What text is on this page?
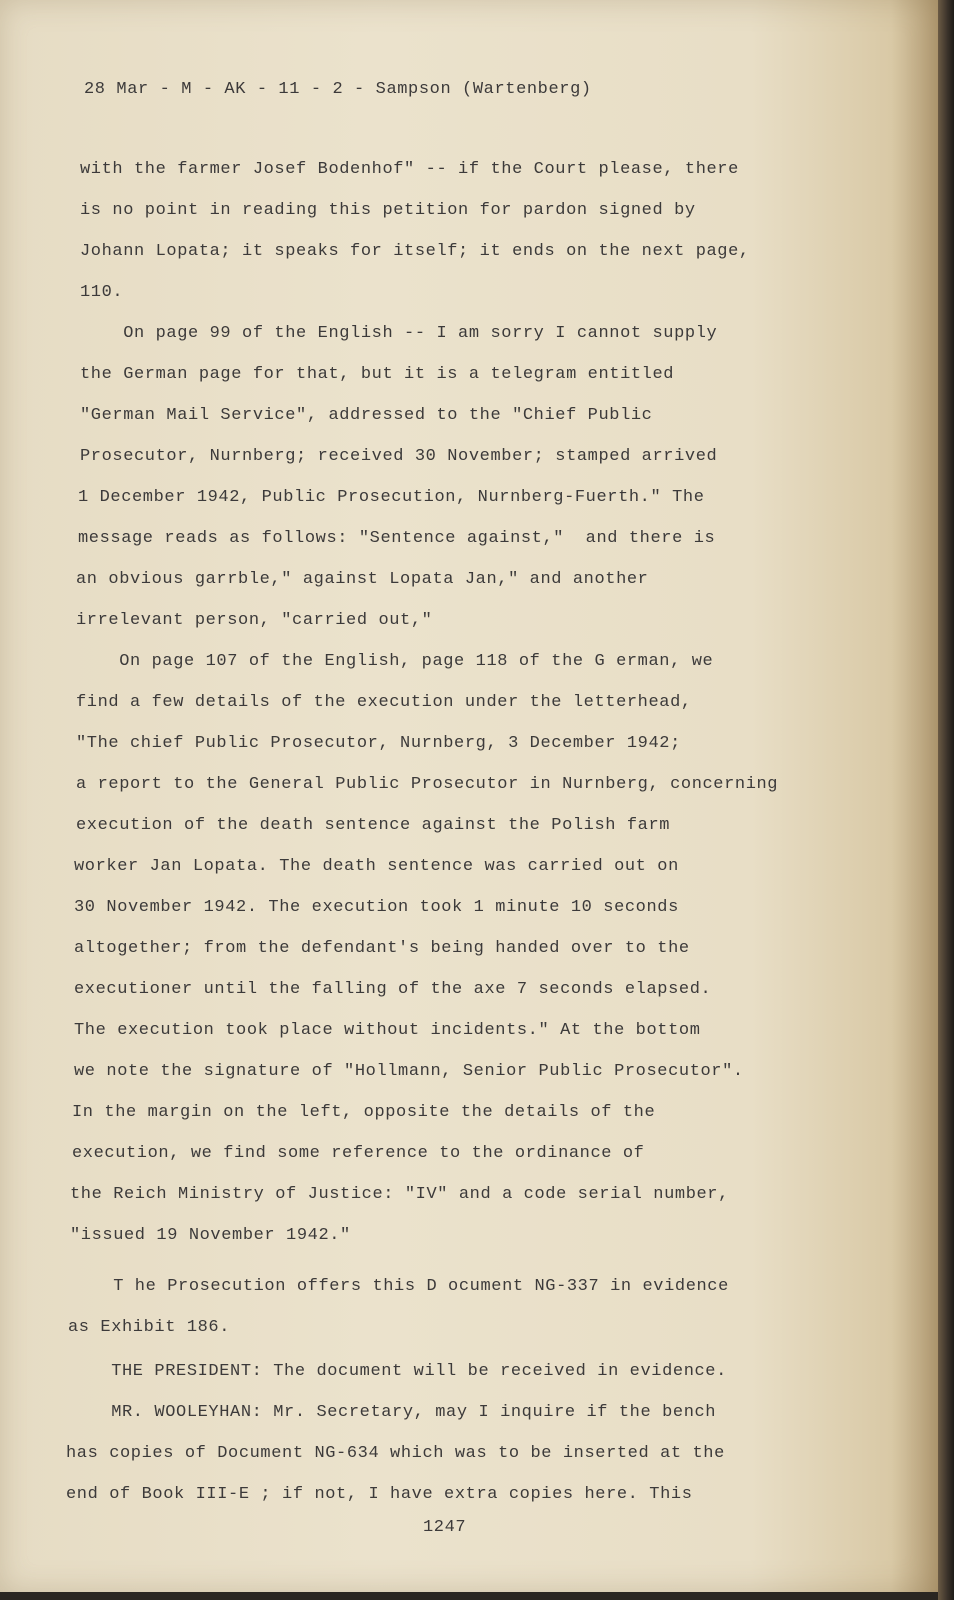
28 Mar - M - AK - 11 - 2 - Sampson (Wartenberg)
with the farmer Josef Bodenhof" -- if the Court please, there
is no point in reading this petition for pardon signed by
Johann Lopata; it speaks for itself; it ends on the next page,
110.
On page 99 of the English -- I am sorry I cannot supply
the German page for that, but it is a telegram entitled
"German Mail Service", addressed to the "Chief Public
Prosecutor, Nurnberg; received 30 November; stamped arrived
1 December 1942, Public Prosecution, Nurnberg-Fuerth." The
message reads as follows: "Sentence against,"  and there is
an obvious garrble," against Lopata Jan," and another
irrelevant person, "carried out,"
On page 107 of the English, page 118 of the G erman, we
find a few details of the execution under the letterhead,
"The chief Public Prosecutor, Nurnberg, 3 December 1942;
a report to the General Public Prosecutor in Nurnberg, concerning
execution of the death sentence against the Polish farm
worker Jan Lopata. The death sentence was carried out on
30 November 1942. The execution took 1 minute 10 seconds
altogether; from the defendant's being handed over to the
executioner until the falling of the axe 7 seconds elapsed.
The execution took place without incidents." At the bottom
we note the signature of "Hollmann, Senior Public Prosecutor".
In the margin on the left, opposite the details of the
execution, we find some reference to the ordinance of
the Reich Ministry of Justice: "IV" and a code serial number,
"issued 19 November 1942."
T he Prosecution offers this D ocument NG-337 in evidence
as Exhibit 186.
THE PRESIDENT: The document will be received in evidence.
MR. WOOLEYHAN: Mr. Secretary, may I inquire if the bench
has copies of Document NG-634 which was to be inserted at the
end of Book III-E ; if not, I have extra copies here. This
1247
